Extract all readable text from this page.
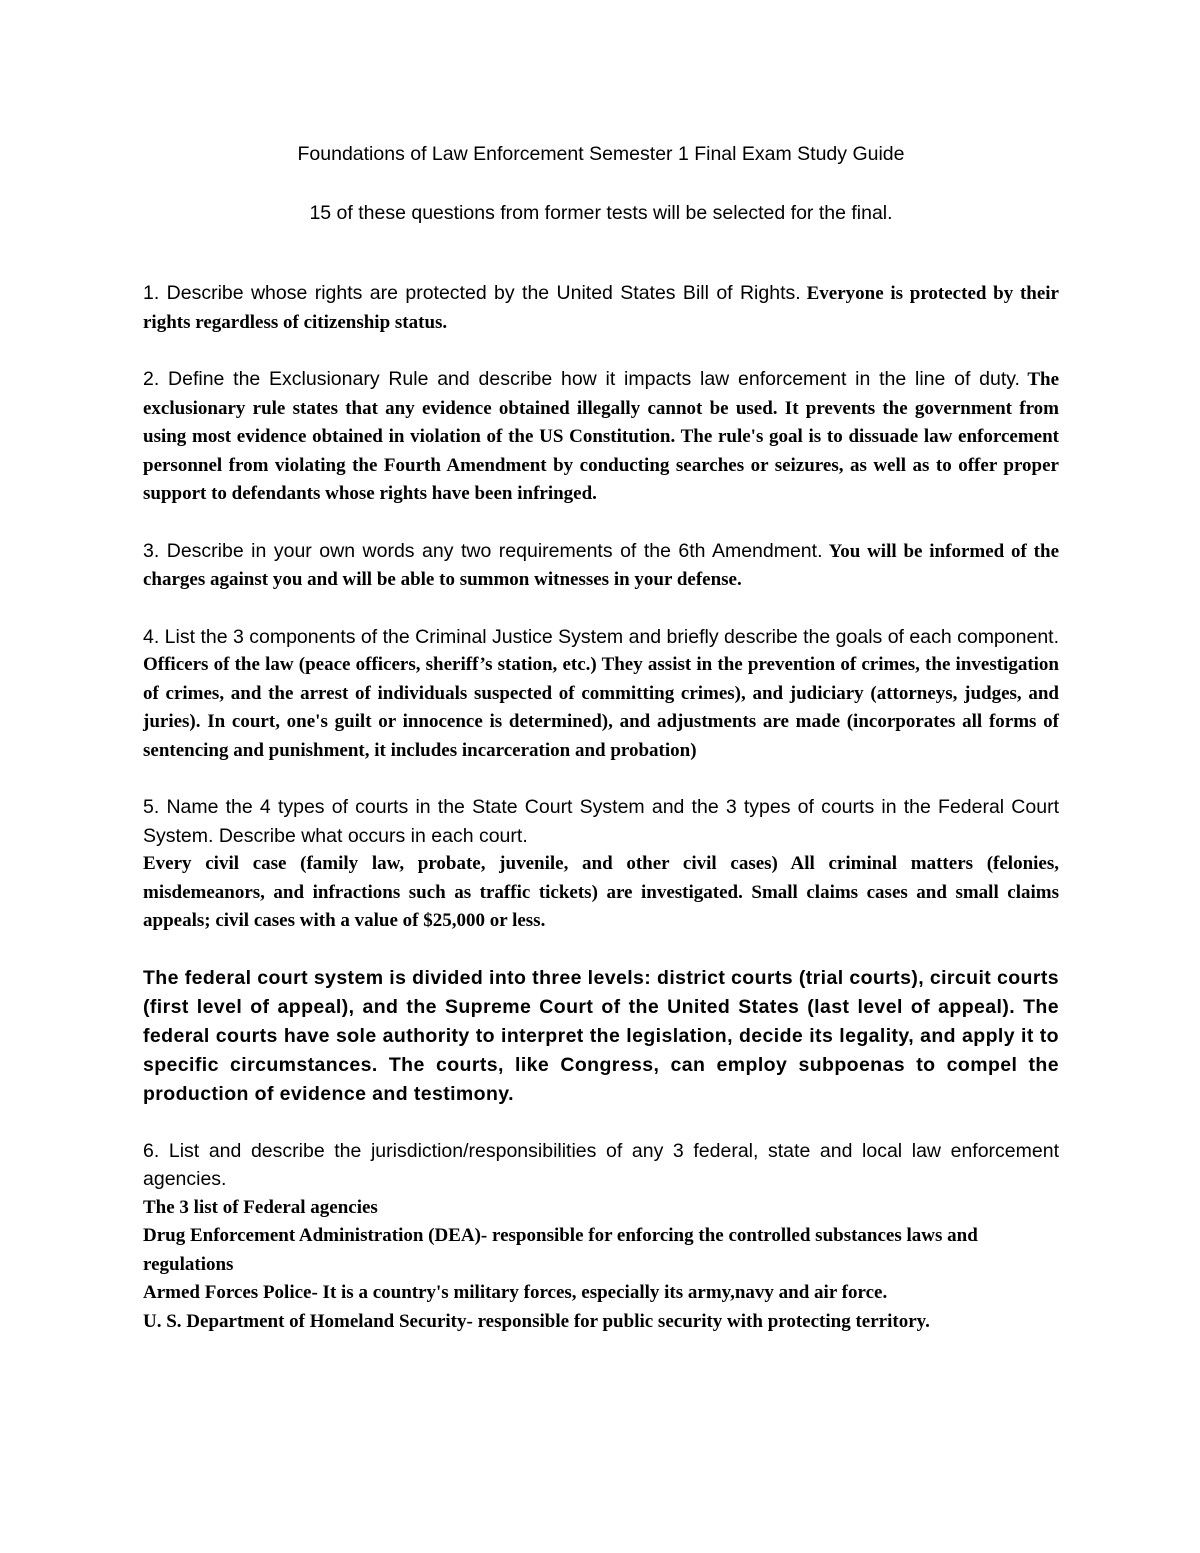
Foundations of Law Enforcement Semester 1 Final Exam Study Guide

15 of these questions from former tests will be selected for the final.

1. Describe whose rights are protected by the United States Bill of Rights. Everyone is protected by their rights regardless of citizenship status.

2. Define the Exclusionary Rule and describe how it impacts law enforcement in the line of duty. The exclusionary rule states that any evidence obtained illegally cannot be used. It prevents the government from using most evidence obtained in violation of the US Constitution. The rule's goal is to dissuade law enforcement personnel from violating the Fourth Amendment by conducting searches or seizures, as well as to offer proper support to defendants whose rights have been infringed.

3. Describe in your own words any two requirements of the 6th Amendment. You will be informed of the charges against you and will be able to summon witnesses in your defense.

4. List the 3 components of the Criminal Justice System and briefly describe the goals of each component. Officers of the law (peace officers, sheriff’s station, etc.) They assist in the prevention of crimes, the investigation of crimes, and the arrest of individuals suspected of committing crimes), and judiciary (attorneys, judges, and juries). In court, one's guilt or innocence is determined), and adjustments are made (incorporates all forms of sentencing and punishment, it includes incarceration and probation)

5. Name the 4 types of courts in the State Court System and the 3 types of courts in the Federal Court System. Describe what occurs in each court.
Every civil case (family law, probate, juvenile, and other civil cases) All criminal matters (felonies, misdemeanors, and infractions such as traffic tickets) are investigated. Small claims cases and small claims appeals; civil cases with a value of $25,000 or less.

The federal court system is divided into three levels: district courts (trial courts), circuit courts (first level of appeal), and the Supreme Court of the United States (last level of appeal). The federal courts have sole authority to interpret the legislation, decide its legality, and apply it to specific circumstances. The courts, like Congress, can employ subpoenas to compel the production of evidence and testimony.

6. List and describe the jurisdiction/responsibilities of any 3 federal, state and local law enforcement agencies.

The 3 list of Federal agencies

Drug Enforcement Administration (DEA)- responsible for enforcing the controlled substances laws and regulations

Armed Forces Police- It is a country's military forces, especially its army,navy and air force.

U. S. Department of Homeland Security- responsible for public security with protecting territory.
